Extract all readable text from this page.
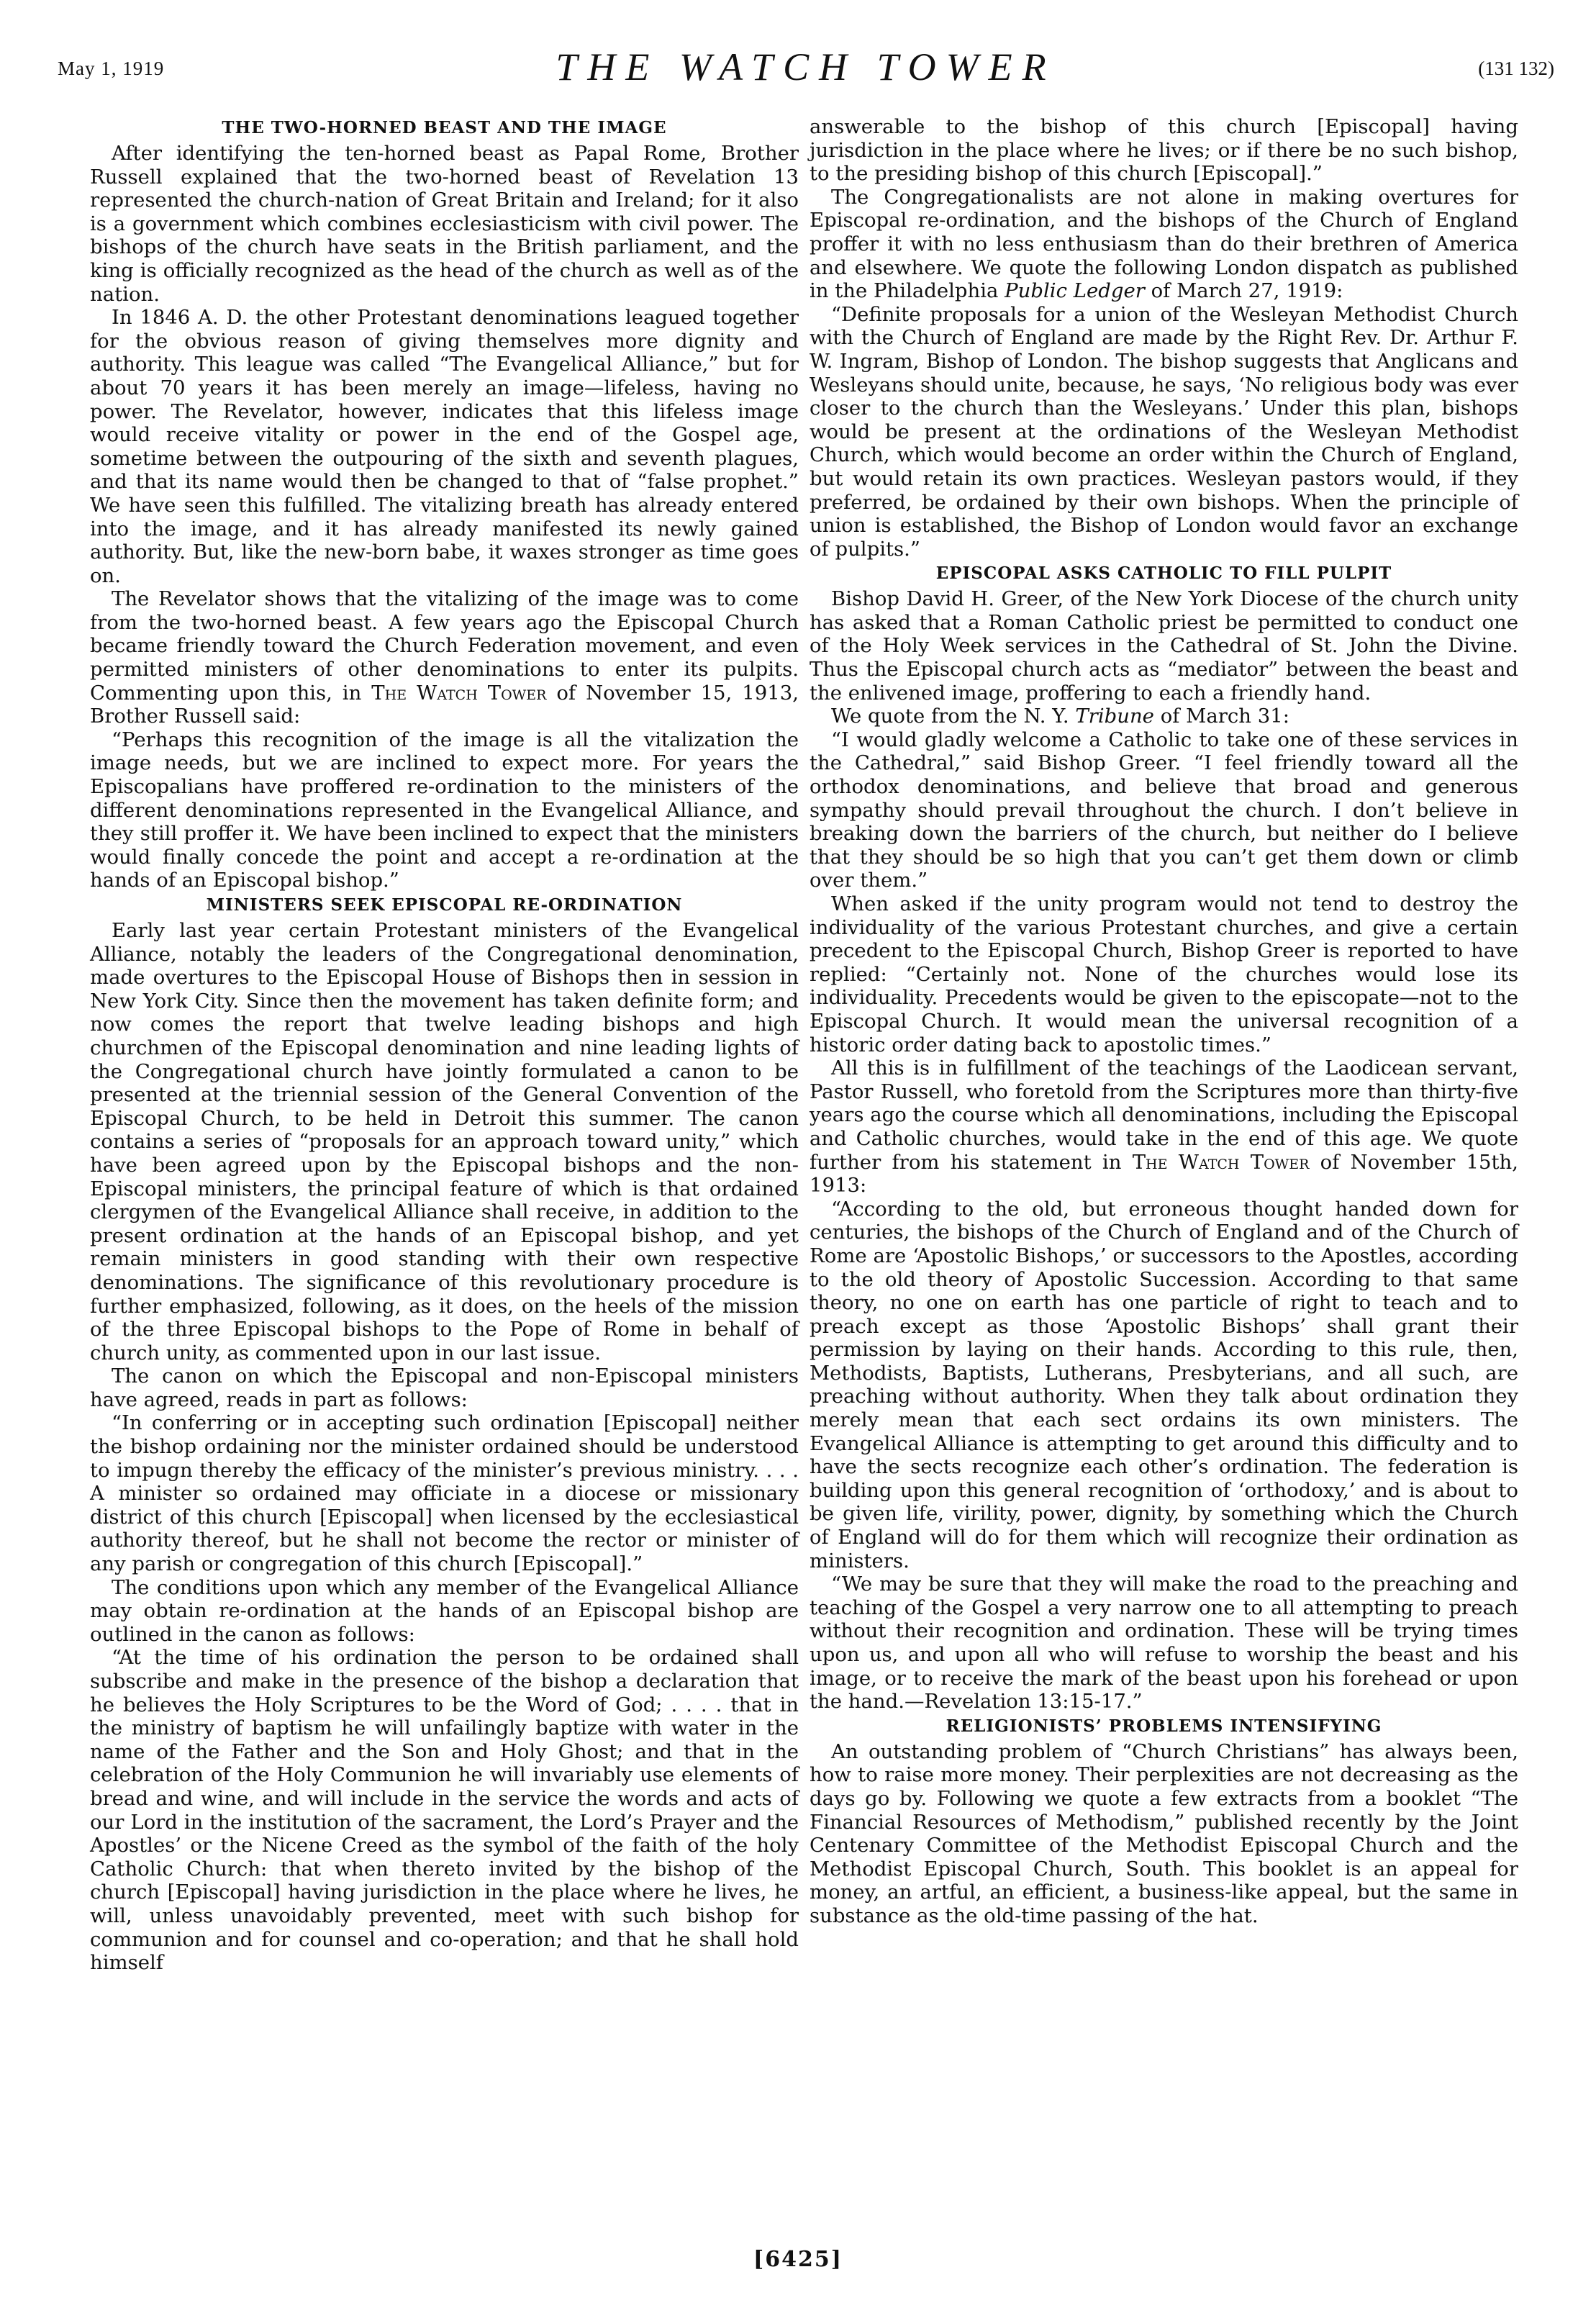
May 1, 1919	THE WATCH TOWER	(131 132)
THE TWO-HORNED BEAST AND THE IMAGE

After identifying the ten-horned beast as Papal Rome, Brother Russell explained that the two-horned beast of Revelation 13 represented the church-nation of Great Britain and Ireland; for it also is a government which combines ecclesiasticism with civil power. The bishops of the church have seats in the British parliament, and the king is officially recognized as the head of the church as well as of the nation.

In 1846 A. D. the other Protestant denominations leagued together for the obvious reason of giving themselves more dignity and authority. This league was called “The Evangelical Alliance,” but for about 70 years it has been merely an image—lifeless, having no power. The Revelator, however, indicates that this lifeless image would receive vitality or power in the end of the Gospel age, sometime between the outpouring of the sixth and seventh plagues, and that its name would then be changed to that of “false prophet.” We have seen this fulfilled. The vitalizing breath has already entered into the image, and it has already manifested its newly gained authority. But, like the new-born babe, it waxes stronger as time goes on.

The Revelator shows that the vitalizing of the image was to come from the two-horned beast. A few years ago the Episcopal Church became friendly toward the Church Federation movement, and even permitted ministers of other denominations to enter its pulpits. Commenting upon this, in The Watch Tower of November 15, 1913, Brother Russell said:

“Perhaps this recognition of the image is all the vitalization the image needs, but we are inclined to expect more. For years the Episcopalians have proffered re-ordination to the ministers of the different denominations represented in the Evangelical Alliance, and they still proffer it. We have been inclined to expect that the ministers would finally concede the point and accept a re-ordination at the hands of an Episcopal bishop.”

MINISTERS SEEK EPISCOPAL RE-ORDINATION

Early last year certain Protestant ministers of the Evangelical Alliance, notably the leaders of the Congregational denomination, made overtures to the Episcopal House of Bishops then in session in New York City. Since then the movement has taken definite form; and now comes the report that twelve leading bishops and high churchmen of the Episcopal denomination and nine leading lights of the Congregational church have jointly formulated a canon to be presented at the triennial session of the General Convention of the Episcopal Church, to be held in Detroit this summer. The canon contains a series of “proposals for an approach toward unity,” which have been agreed upon by the Episcopal bishops and the non-Episcopal ministers, the principal feature of which is that ordained clergymen of the Evangelical Alliance shall receive, in addition to the present ordination at the hands of an Episcopal bishop, and yet remain ministers in good standing with their own respective denominations. The significance of this revolutionary procedure is further emphasized, following, as it does, on the heels of the mission of the three Episcopal bishops to the Pope of Rome in behalf of church unity, as commented upon in our last issue.

The canon on which the Episcopal and non-Episcopal ministers have agreed, reads in part as follows:

“In conferring or in accepting such ordination [Episcopal] neither the bishop ordaining nor the minister ordained should be understood to impugn thereby the efficacy of the minister’s previous ministry. . . . A minister so ordained may officiate in a diocese or missionary district of this church [Episcopal] when licensed by the ecclesiastical authority thereof, but he shall not become the rector or minister of any parish or congregation of this church [Episcopal].”

The conditions upon which any member of the Evangelical Alliance may obtain re-ordination at the hands of an Episcopal bishop are outlined in the canon as follows:

“At the time of his ordination the person to be ordained shall subscribe and make in the presence of the bishop a declaration that he believes the Holy Scriptures to be the Word of God; . . . . that in the ministry of baptism he will unfailingly baptize with water in the name of the Father and the Son and Holy Ghost; and that in the celebration of the Holy Communion he will invariably use elements of bread and wine, and will include in the service the words and acts of our Lord in the institution of the sacrament, the Lord’s Prayer and the Apostles’ or the Nicene Creed as the symbol of the faith of the holy Catholic Church: that when thereto invited by the bishop of the church [Episcopal] having jurisdiction in the place where he lives, he will, unless unavoidably prevented, meet with such bishop for communion and for counsel and co-operation; and that he shall hold himself

answerable to the bishop of this church [Episcopal] having jurisdiction in the place where he lives; or if there be no such bishop, to the presiding bishop of this church [Episcopal].”

The Congregationalists are not alone in making overtures for Episcopal re-ordination, and the bishops of the Church of England proffer it with no less enthusiasm than do their brethren of America and elsewhere. We quote the following London dispatch as published in the Philadelphia Public Ledger of March 27, 1919:

“Definite proposals for a union of the Wesleyan Methodist Church with the Church of England are made by the Right Rev. Dr. Arthur F. W. Ingram, Bishop of London. The bishop suggests that Anglicans and Wesleyans should unite, because, he says, ‘No religious body was ever closer to the church than the Wesleyans.’ Under this plan, bishops would be present at the ordinations of the Wesleyan Methodist Church, which would become an order within the Church of England, but would retain its own practices. Wesleyan pastors would, if they preferred, be ordained by their own bishops. When the principle of union is established, the Bishop of London would favor an exchange of pulpits.”

EPISCOPAL ASKS CATHOLIC TO FILL PULPIT

Bishop David H. Greer, of the New York Diocese of the church unity has asked that a Roman Catholic priest be permitted to conduct one of the Holy Week services in the Cathedral of St. John the Divine. Thus the Episcopal church acts as “mediator” between the beast and the enlivened image, proffering to each a friendly hand.

We quote from the N. Y. Tribune of March 31:

“I would gladly welcome a Catholic to take one of these services in the Cathedral,” said Bishop Greer. “I feel friendly toward all the orthodox denominations, and believe that broad and generous sympathy should prevail throughout the church. I don’t believe in breaking down the barriers of the church, but neither do I believe that they should be so high that you can’t get them down or climb over them.”

When asked if the unity program would not tend to destroy the individuality of the various Protestant churches, and give a certain precedent to the Episcopal Church, Bishop Greer is reported to have replied: “Certainly not. None of the churches would lose its individuality. Precedents would be given to the episcopate—not to the Episcopal Church. It would mean the universal recognition of a historic order dating back to apostolic times.”

All this is in fulfillment of the teachings of the Laodicean servant, Pastor Russell, who foretold from the Scriptures more than thirty-five years ago the course which all denominations, including the Episcopal and Catholic churches, would take in the end of this age. We quote further from his statement in The Watch Tower of November 15th, 1913:

“According to the old, but erroneous thought handed down for centuries, the bishops of the Church of England and of the Church of Rome are ‘Apostolic Bishops,’ or successors to the Apostles, according to the old theory of Apostolic Succession. According to that same theory, no one on earth has one particle of right to teach and to preach except as those ‘Apostolic Bishops’ shall grant their permission by laying on their hands. According to this rule, then, Methodists, Baptists, Lutherans, Presbyterians, and all such, are preaching without authority. When they talk about ordination they merely mean that each sect ordains its own ministers. The Evangelical Alliance is attempting to get around this difficulty and to have the sects recognize each other’s ordination. The federation is building upon this general recognition of ‘orthodoxy,’ and is about to be given life, virility, power, dignity, by something which the Church of England will do for them which will recognize their ordination as ministers.

“We may be sure that they will make the road to the preaching and teaching of the Gospel a very narrow one to all attempting to preach without their recognition and ordination. These will be trying times upon us, and upon all who will refuse to worship the beast and his image, or to receive the mark of the beast upon his forehead or upon the hand.—Revelation 13:15-17.”

RELIGIONISTS’ PROBLEMS INTENSIFYING

An outstanding problem of “Church Christians” has always been, how to raise more money. Their perplexities are not decreasing as the days go by. Following we quote a few extracts from a booklet “The Financial Resources of Methodism,” published recently by the Joint Centenary Committee of the Methodist Episcopal Church and the Methodist Episcopal Church, South. This booklet is an appeal for money, an artful, an efficient, a business-like appeal, but the same in substance as the old-time passing of the hat.

[6425]
